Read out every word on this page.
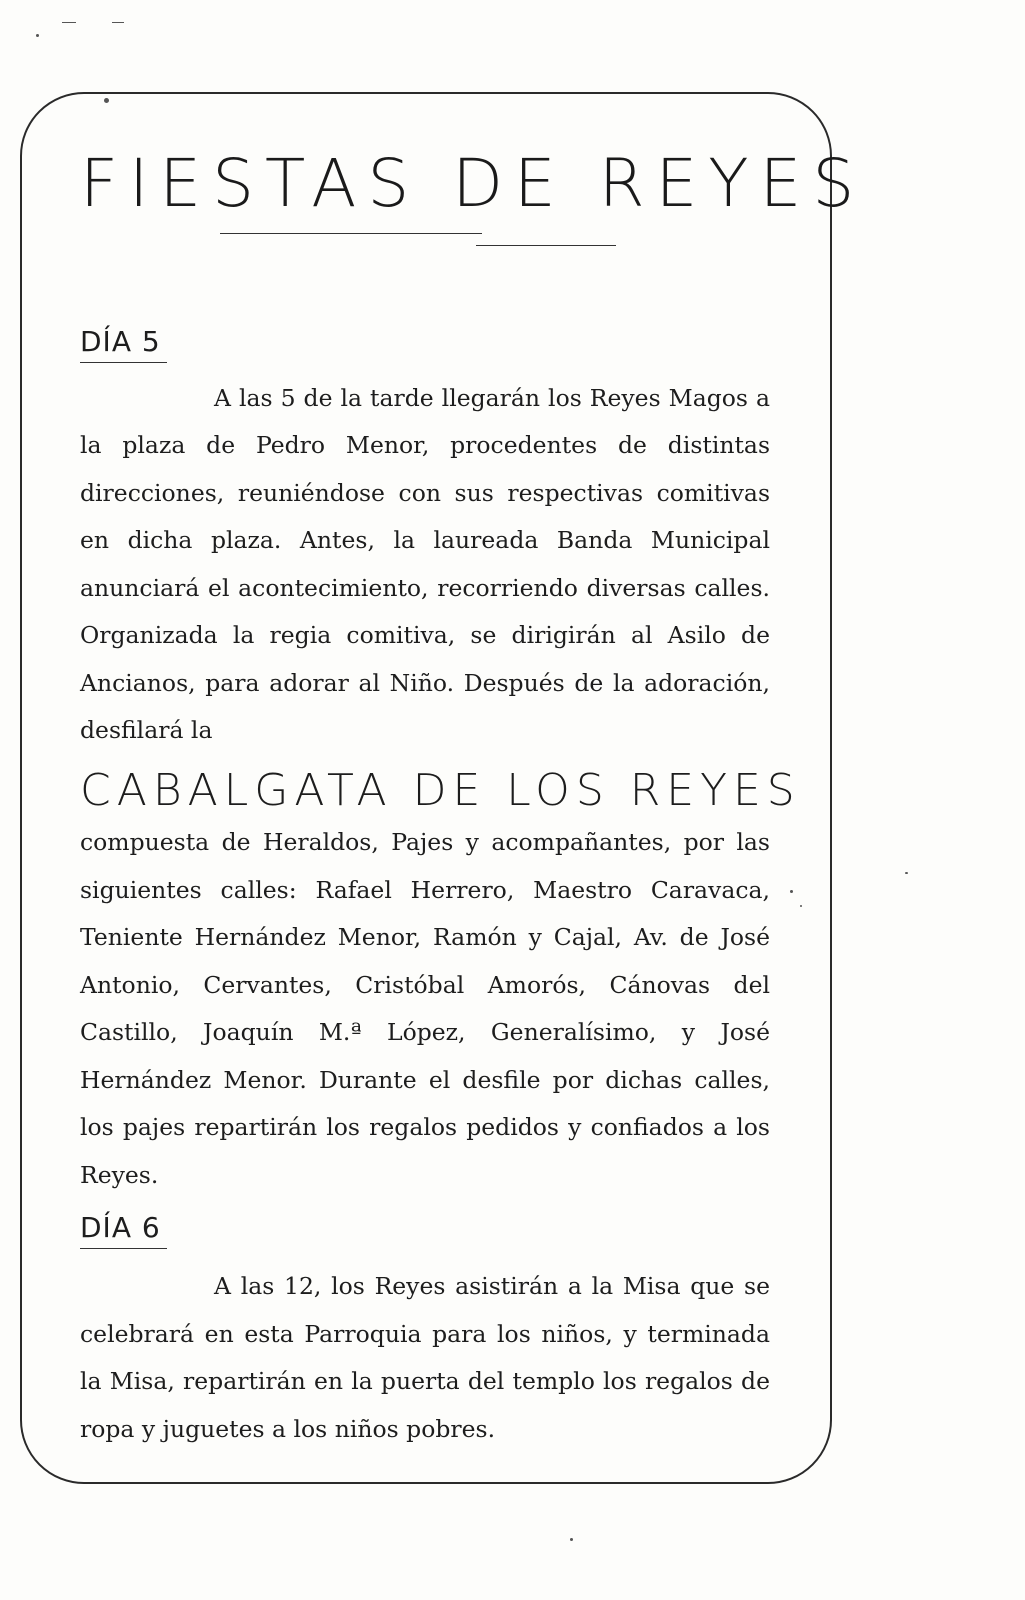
FIESTAS DE REYES
DÍA 5

A las 5 de la tarde llegarán los Reyes Magos a la plaza de Pedro Menor, procedentes de distintas direcciones, reuniéndose con sus respectivas comitivas en dicha plaza. Antes, la laureada Banda Municipal anunciará el acontecimiento, recorriendo diversas calles. Organizada la regia comitiva, se dirigirán al Asilo de Ancianos, para adorar al Niño. Después de la adoración, desfilará la

CABALGATA DE LOS REYES

compuesta de Heraldos, Pajes y acompañantes, por las siguientes calles: Rafael Herrero, Maestro Caravaca, Teniente Hernández Menor, Ramón y Cajal, Av. de José Antonio, Cervantes, Cristóbal Amorós, Cánovas del Castillo, Joaquín M.ª López, Generalísimo, y José Hernández Menor. Durante el desfile por dichas calles, los pajes repartirán los regalos pedidos y confiados a los Reyes.

DÍA 6

A las 12, los Reyes asistirán a la Misa que se celebrará en esta Parroquia para los niños, y terminada la Misa, repartirán en la puerta del templo los regalos de ropa y juguetes a los niños pobres.
